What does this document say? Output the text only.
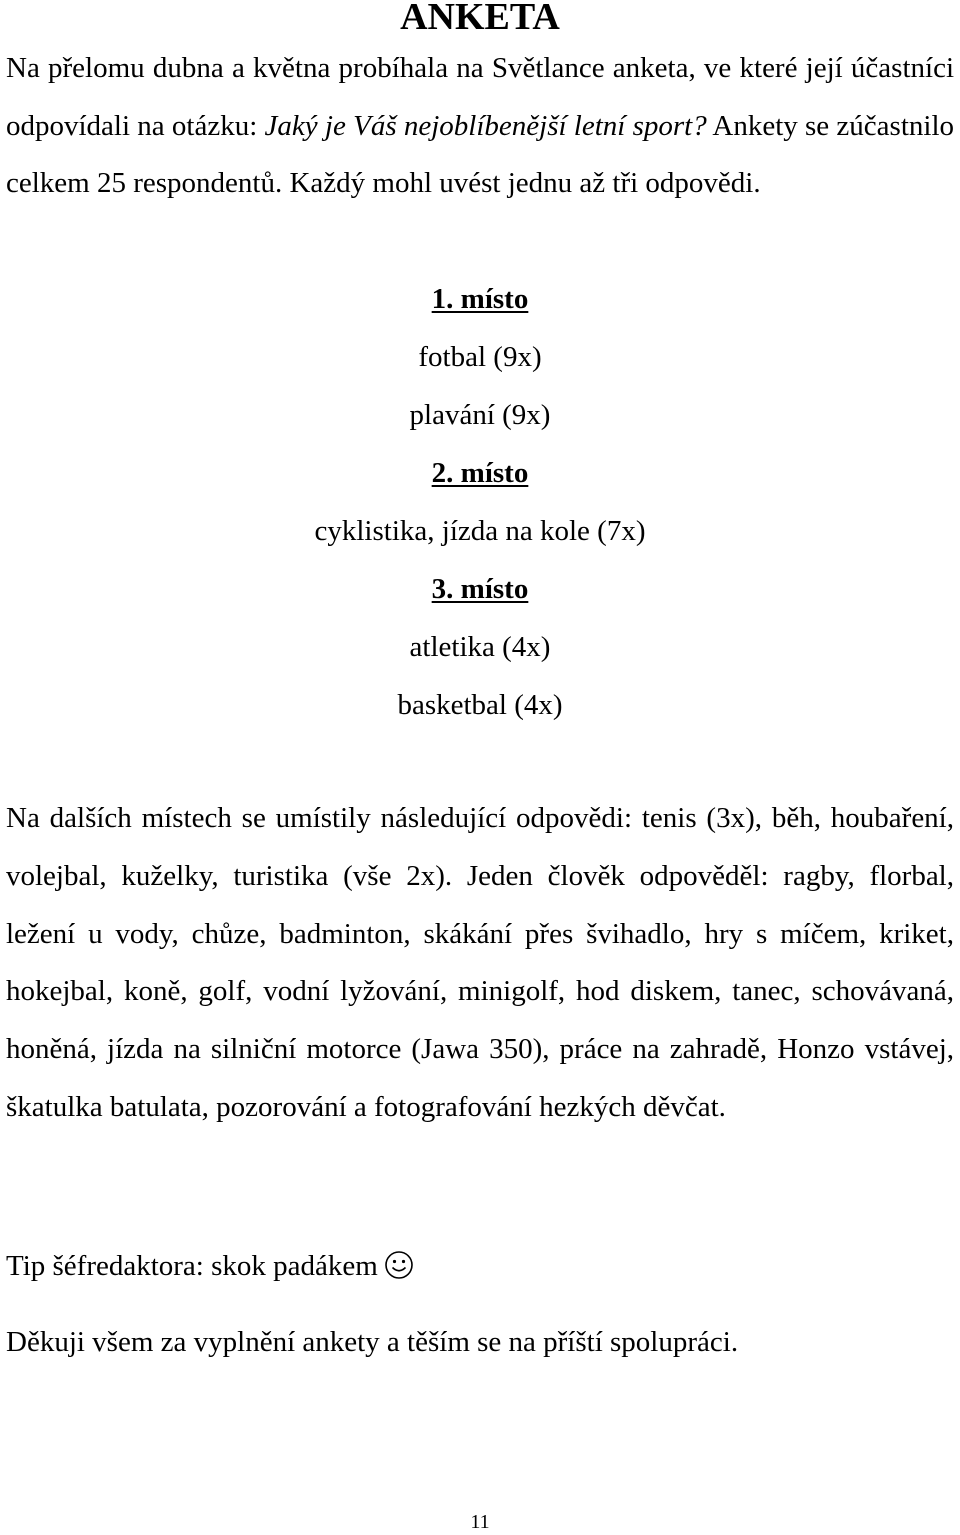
ANKETA

Na přelomu dubna a května probíhala na Světlance anketa, ve které její účastníci odpovídali na otázku: Jaký je Váš nejoblíbenější letní sport? Ankety se zúčastnilo celkem 25 respondentů. Každý mohl uvést jednu až tři odpovědi.

1. místo
fotbal (9x)
plavání (9x)
2. místo
cyklistika, jízda na kole (7x)
3. místo
atletika (4x)
basketbal (4x)

Na dalších místech se umístily následující odpovědi: tenis (3x), běh, houbaření, volejbal, kuželky, turistika (vše 2x). Jeden člověk odpověděl: ragby, florbal, ležení u vody, chůze, badminton, skákání přes švihadlo, hry s míčem, kriket, hokejbal, koně, golf, vodní lyžování, minigolf, hod diskem, tanec, schovávaná, honěná, jízda na silniční motorce (Jawa 350), práce na zahradě, Honzo vstávej, škatulka batulata, pozorování a fotografování hezkých děvčat.

Tip šéfredaktora: skok padákem

Děkuji všem za vyplnění ankety a těším se na příští spolupráci.

11
